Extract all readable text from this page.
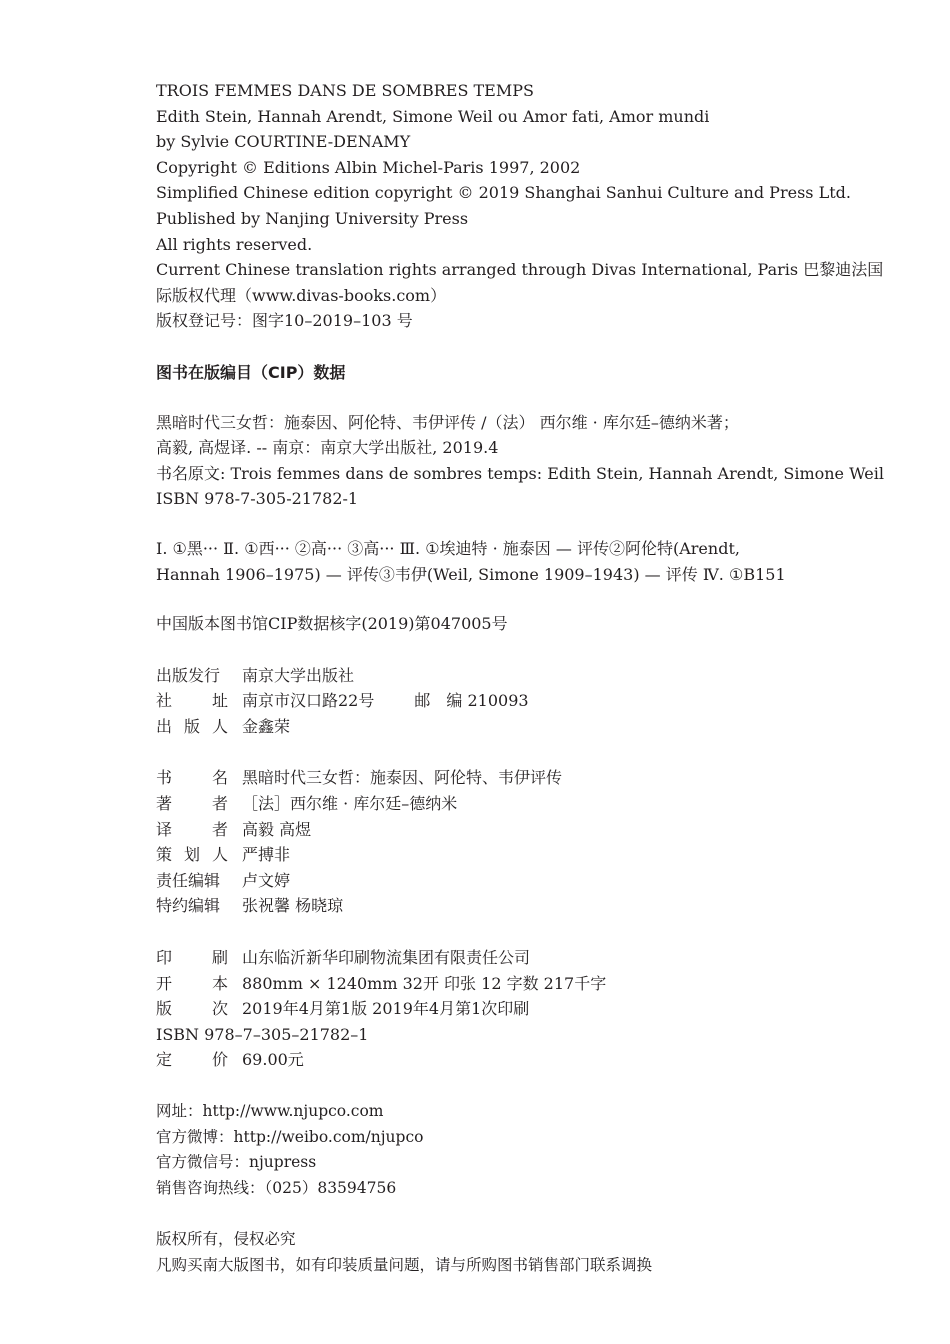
TROIS FEMMES DANS DE SOMBRES TEMPS
Edith Stein, Hannah Arendt, Simone Weil ou Amor fati, Amor mundi
by Sylvie COURTINE-DENAMY
Copyright © Editions Albin Michel-Paris 1997, 2002
Simplified Chinese edition copyright © 2019 Shanghai Sanhui Culture and Press Ltd.
Published by Nanjing University Press
All rights reserved.
Current Chinese translation rights arranged through Divas International, Paris 巴黎迪法国
际版权代理（www.divas-books.com）
版权登记号：图字10–2019–103 号
图书在版编目（CIP）数据
黑暗时代三女哲：施泰因、阿伦特、韦伊评传 /（法） 西尔维 · 库尔廷–德纳米著；
高毅, 高煜译. -- 南京：南京大学出版社, 2019.4
书名原文: Trois femmes dans de sombres temps: Edith Stein, Hannah Arendt, Simone Weil
ISBN 978-7-305-21782-1
Ⅰ. ①黑··· Ⅱ. ①西··· ②高··· ③高··· Ⅲ. ①埃迪特 · 施泰因 — 评传②阿伦特(Arendt,
Hannah 1906–1975) — 评传③韦伊(Weil, Simone 1909–1943) — 评传 Ⅳ. ①B151
中国版本图书馆CIP数据核字(2019)第047005号
出版发行 南京大学出版社
社 址 南京市汉口路22号	邮　编 210093
出 版 人 金鑫荣
书 名 黑暗时代三女哲：施泰因、阿伦特、韦伊评传
著 者 ［法］西尔维 · 库尔廷–德纳米
译 者 高毅 高煜
策 划 人 严搏非
责任编辑 卢文婷
特约编辑 张祝馨 杨晓琼
印 刷 山东临沂新华印刷物流集团有限责任公司
开 本 880mm × 1240mm 32开 印张 12 字数 217千字
版 次 2019年4月第1版 2019年4月第1次印刷
ISBN 978–7–305–21782–1
定 价 69.00元
网址：http://www.njupco.com
官方微博：http://weibo.com/njupco
官方微信号：njupress
销售咨询热线：（025）83594756
版权所有，侵权必究
凡购买南大版图书，如有印装质量问题，请与所购图书销售部门联系调换
